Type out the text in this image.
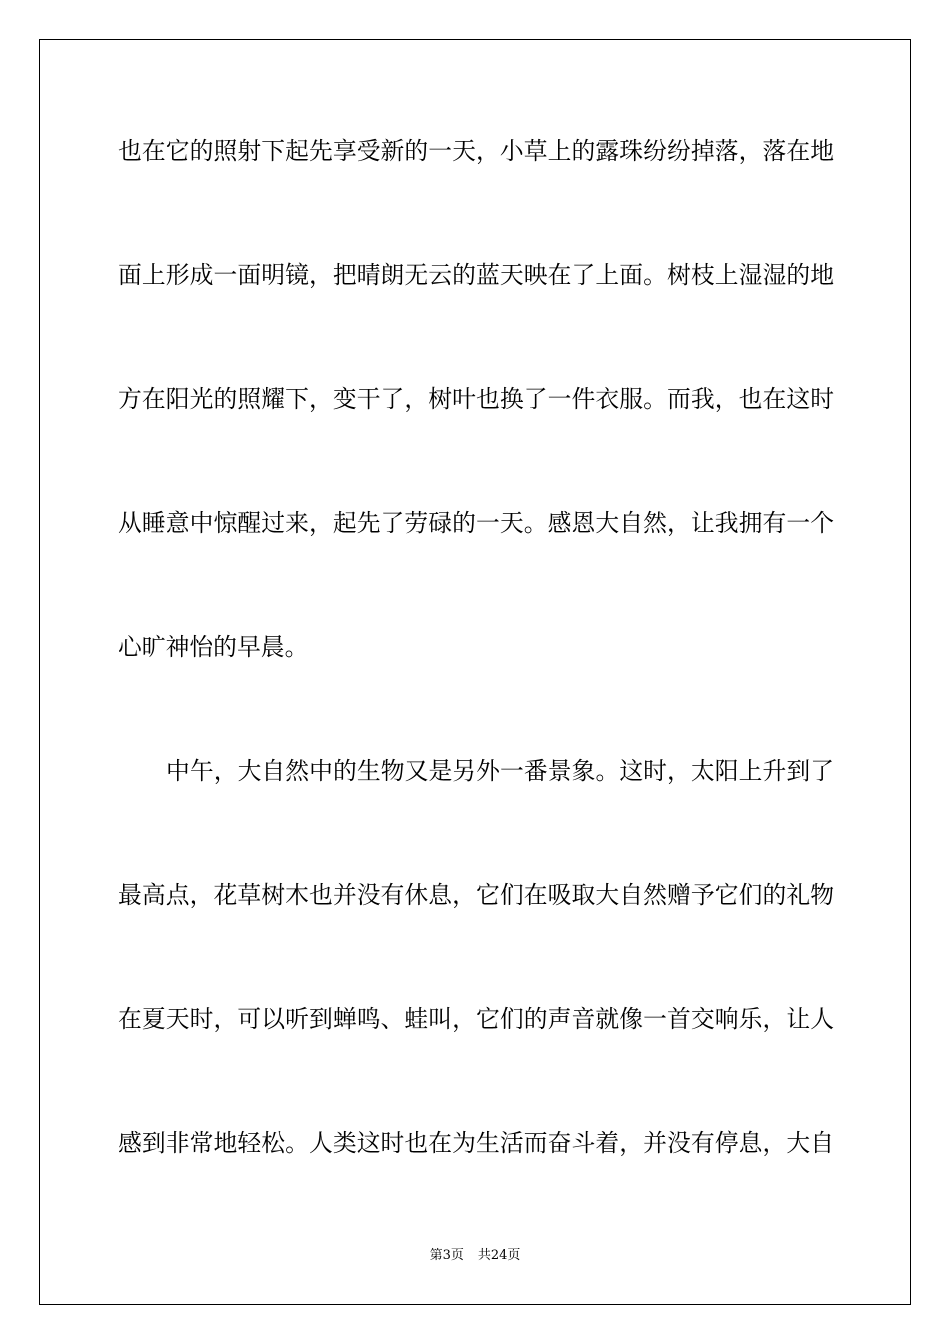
也在它的照射下起先享受新的一天，小草上的露珠纷纷掉落，落在地
面上形成一面明镜，把晴朗无云的蓝天映在了上面。树枝上湿湿的地
方在阳光的照耀下，变干了，树叶也换了一件衣服。而我，也在这时
从睡意中惊醒过来，起先了劳碌的一天。感恩大自然，让我拥有一个
心旷神怡的早晨。
中午，大自然中的生物又是另外一番景象。这时，太阳上升到了
最高点，花草树木也并没有休息，它们在吸取大自然赠予它们的礼物
在夏天时，可以听到蝉鸣、蛙叫，它们的声音就像一首交响乐，让人
感到非常地轻松。人类这时也在为生活而奋斗着，并没有停息，大自
第3页 共24页
